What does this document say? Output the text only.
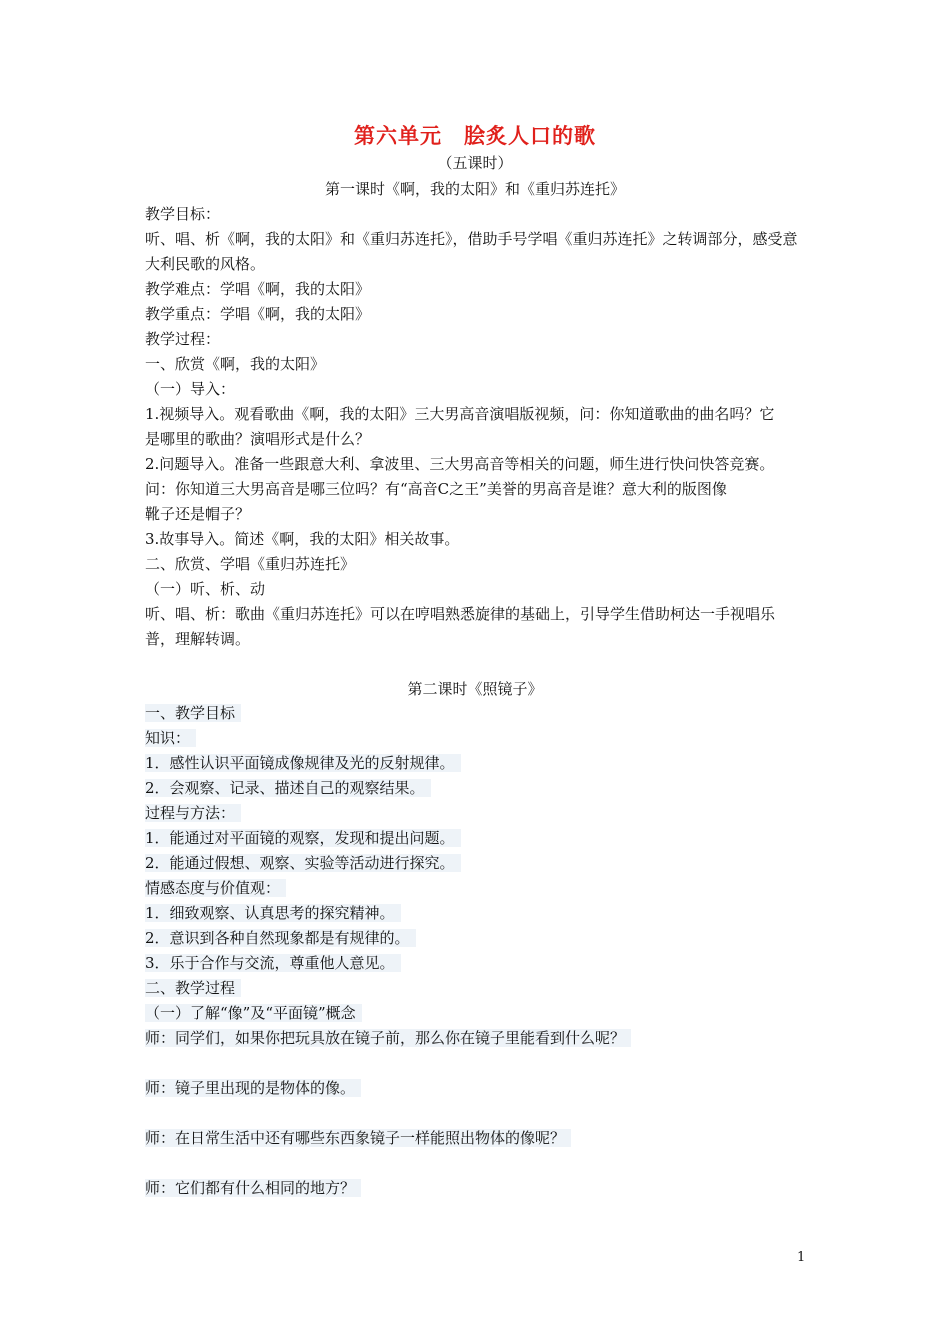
第六单元　脍炙人口的歌
（五课时）
第一课时《啊，我的太阳》和《重归苏连托》
教学目标：
听、唱、析《啊，我的太阳》和《重归苏连托》，借助手号学唱《重归苏连托》之转调部分，感受意
大利民歌的风格。
教学难点：学唱《啊，我的太阳》
教学重点：学唱《啊，我的太阳》
教学过程：
一、欣赏《啊，我的太阳》
（一）导入：
1.视频导入。观看歌曲《啊，我的太阳》三大男高音演唱版视频，问：你知道歌曲的曲名吗？它
是哪里的歌曲？演唱形式是什么？
2.问题导入。准备一些跟意大利、拿波里、三大男高音等相关的问题，师生进行快问快答竞赛。
问：你知道三大男高音是哪三位吗？有“高音C之王”美誉的男高音是谁？意大利的版图像
靴子还是帽子？
3.故事导入。简述《啊，我的太阳》相关故事。
二、欣赏、学唱《重归苏连托》
（一）听、析、动
听、唱、析：歌曲《重归苏连托》可以在哼唱熟悉旋律的基础上，引导学生借助柯达一手视唱乐
普，理解转调。
第二课时《照镜子》
一、教学目标
知识：
1．感性认识平面镜成像规律及光的反射规律。
2．会观察、记录、描述自己的观察结果。
过程与方法：
1．能通过对平面镜的观察，发现和提出问题。
2．能通过假想、观察、实验等活动进行探究。
情感态度与价值观：
1．细致观察、认真思考的探究精神。
2．意识到各种自然现象都是有规律的。
3．乐于合作与交流，尊重他人意见。
二、教学过程
（一）了解“像”及“平面镜”概念
师：同学们，如果你把玩具放在镜子前，那么你在镜子里能看到什么呢？
师：镜子里出现的是物体的像。
师：在日常生活中还有哪些东西象镜子一样能照出物体的像呢？
师：它们都有什么相同的地方？
1
